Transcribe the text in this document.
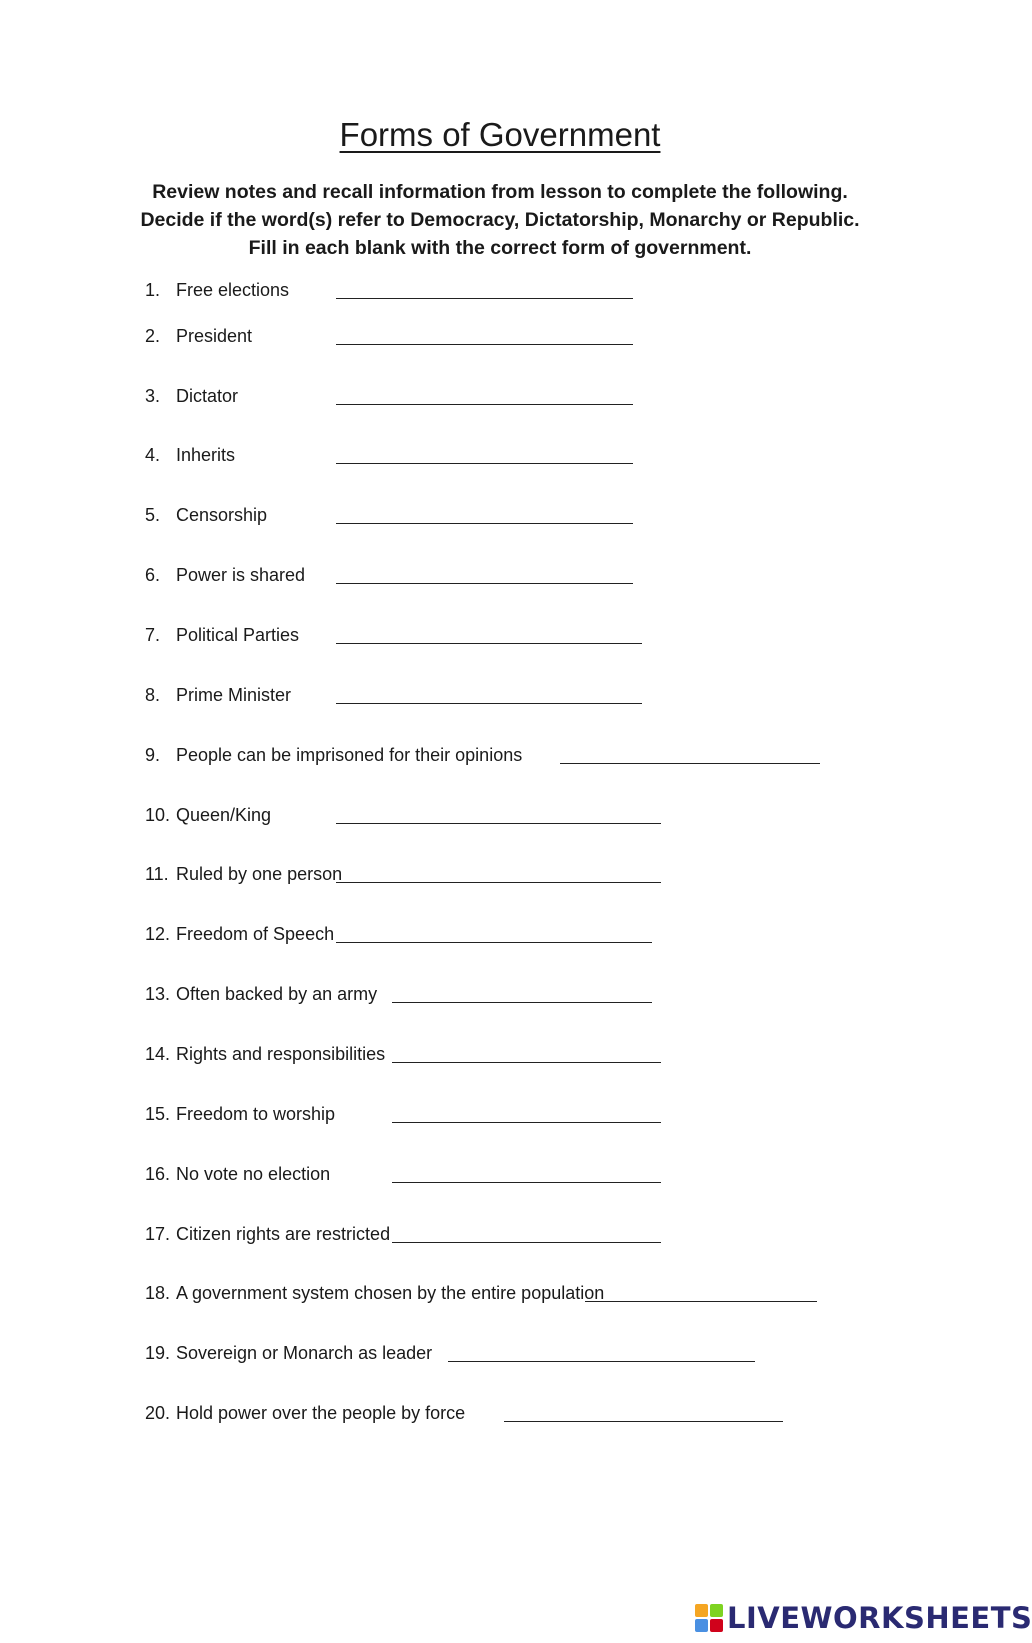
Forms of Government
Review notes and recall information from lesson to complete the following.
Decide if the word(s) refer to Democracy, Dictatorship, Monarchy or Republic.
Fill in each blank with the correct form of government.
1. Free elections
2. President
3. Dictator
4. Inherits
5. Censorship
6. Power is shared
7. Political Parties
8. Prime Minister
9. People can be imprisoned for their opinions
10. Queen/King
11. Ruled by one person
12. Freedom of Speech
13. Often backed by an army
14. Rights and responsibilities
15. Freedom to worship
16. No vote no election
17. Citizen rights are restricted
18. A government system chosen by the entire population
19. Sovereign or Monarch as leader
20. Hold power over the people by force
LIVEWORKSHEETS
